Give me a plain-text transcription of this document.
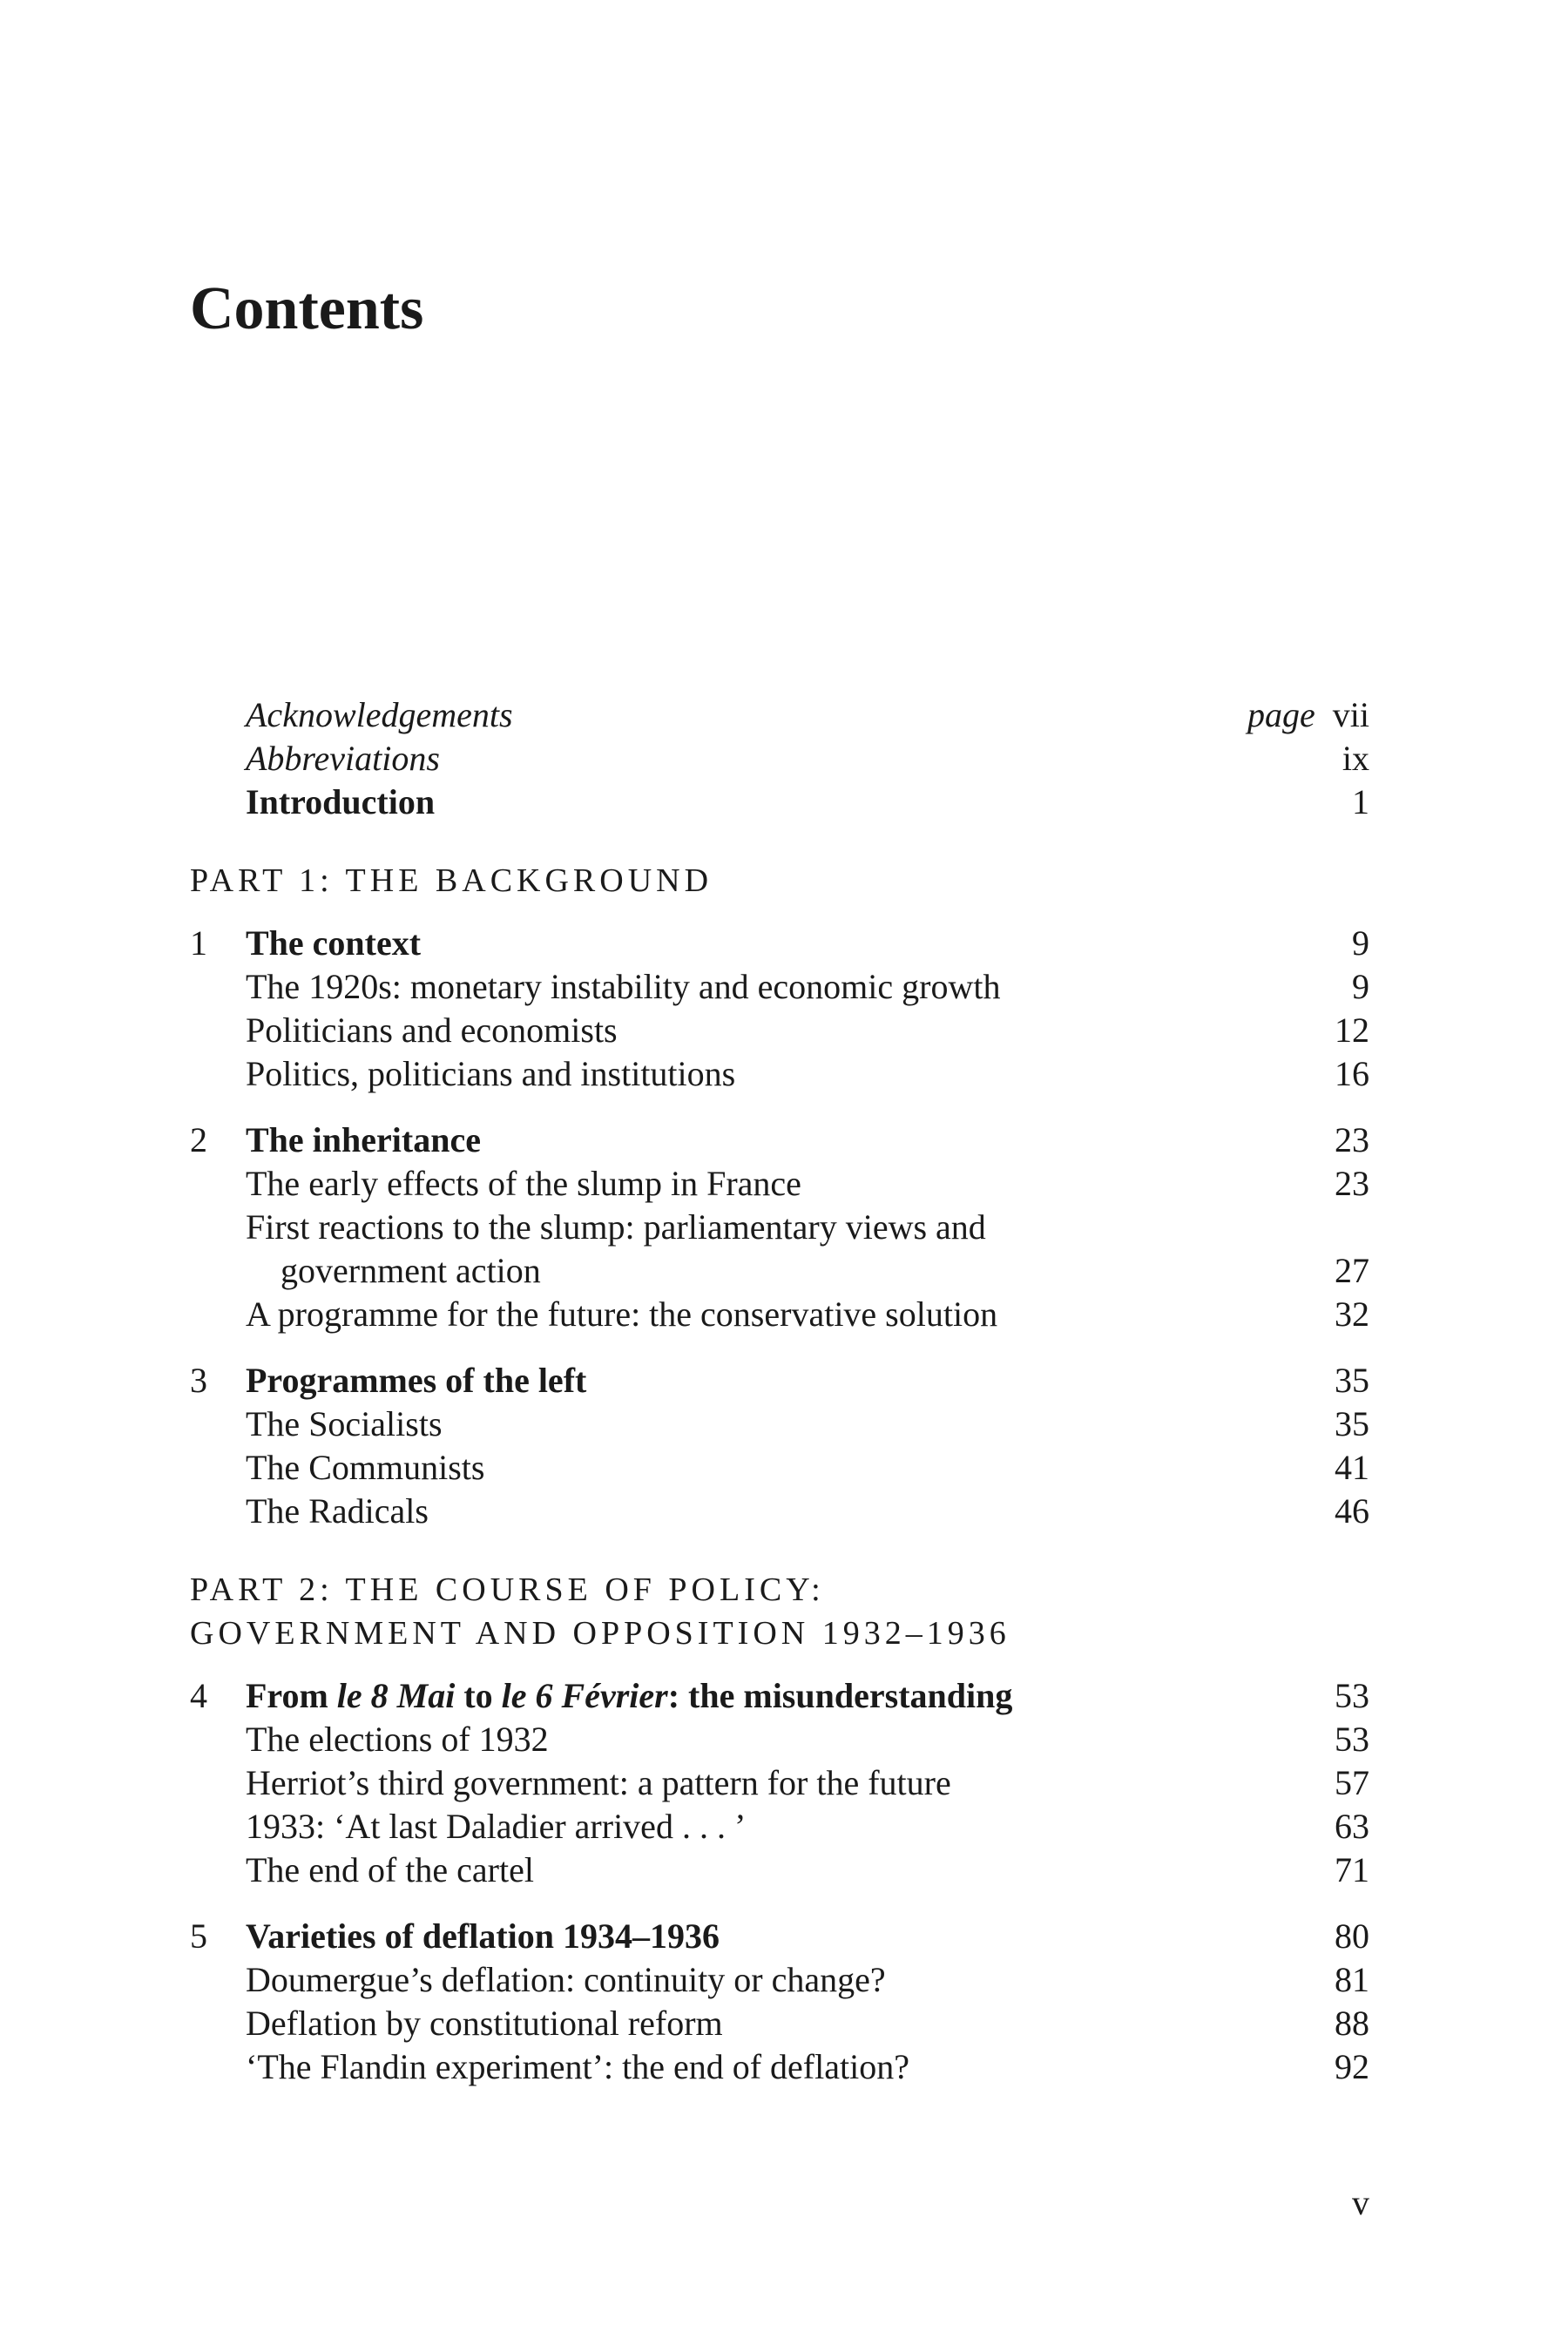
Contents
Acknowledgements	page vii
Abbreviations	ix
Introduction	1
PART 1: THE BACKGROUND
1 The context	9
The 1920s: monetary instability and economic growth	9
Politicians and economists	12
Politics, politicians and institutions	16
2 The inheritance	23
The early effects of the slump in France	23
First reactions to the slump: parliamentary views and
government action	27
A programme for the future: the conservative solution	32
3 Programmes of the left	35
The Socialists	35
The Communists	41
The Radicals	46
PART 2: THE COURSE OF POLICY:
GOVERNMENT AND OPPOSITION 1932–1936
4 From le 8 Mai to le 6 Février: the misunderstanding	53
The elections of 1932	53
Herriot’s third government: a pattern for the future	57
1933: ‘At last Daladier arrived . . . ’	63
The end of the cartel	71
5 Varieties of deflation 1934–1936	80
Doumergue’s deflation: continuity or change?	81
Deflation by constitutional reform	88
‘The Flandin experiment’: the end of deflation?	92
v
